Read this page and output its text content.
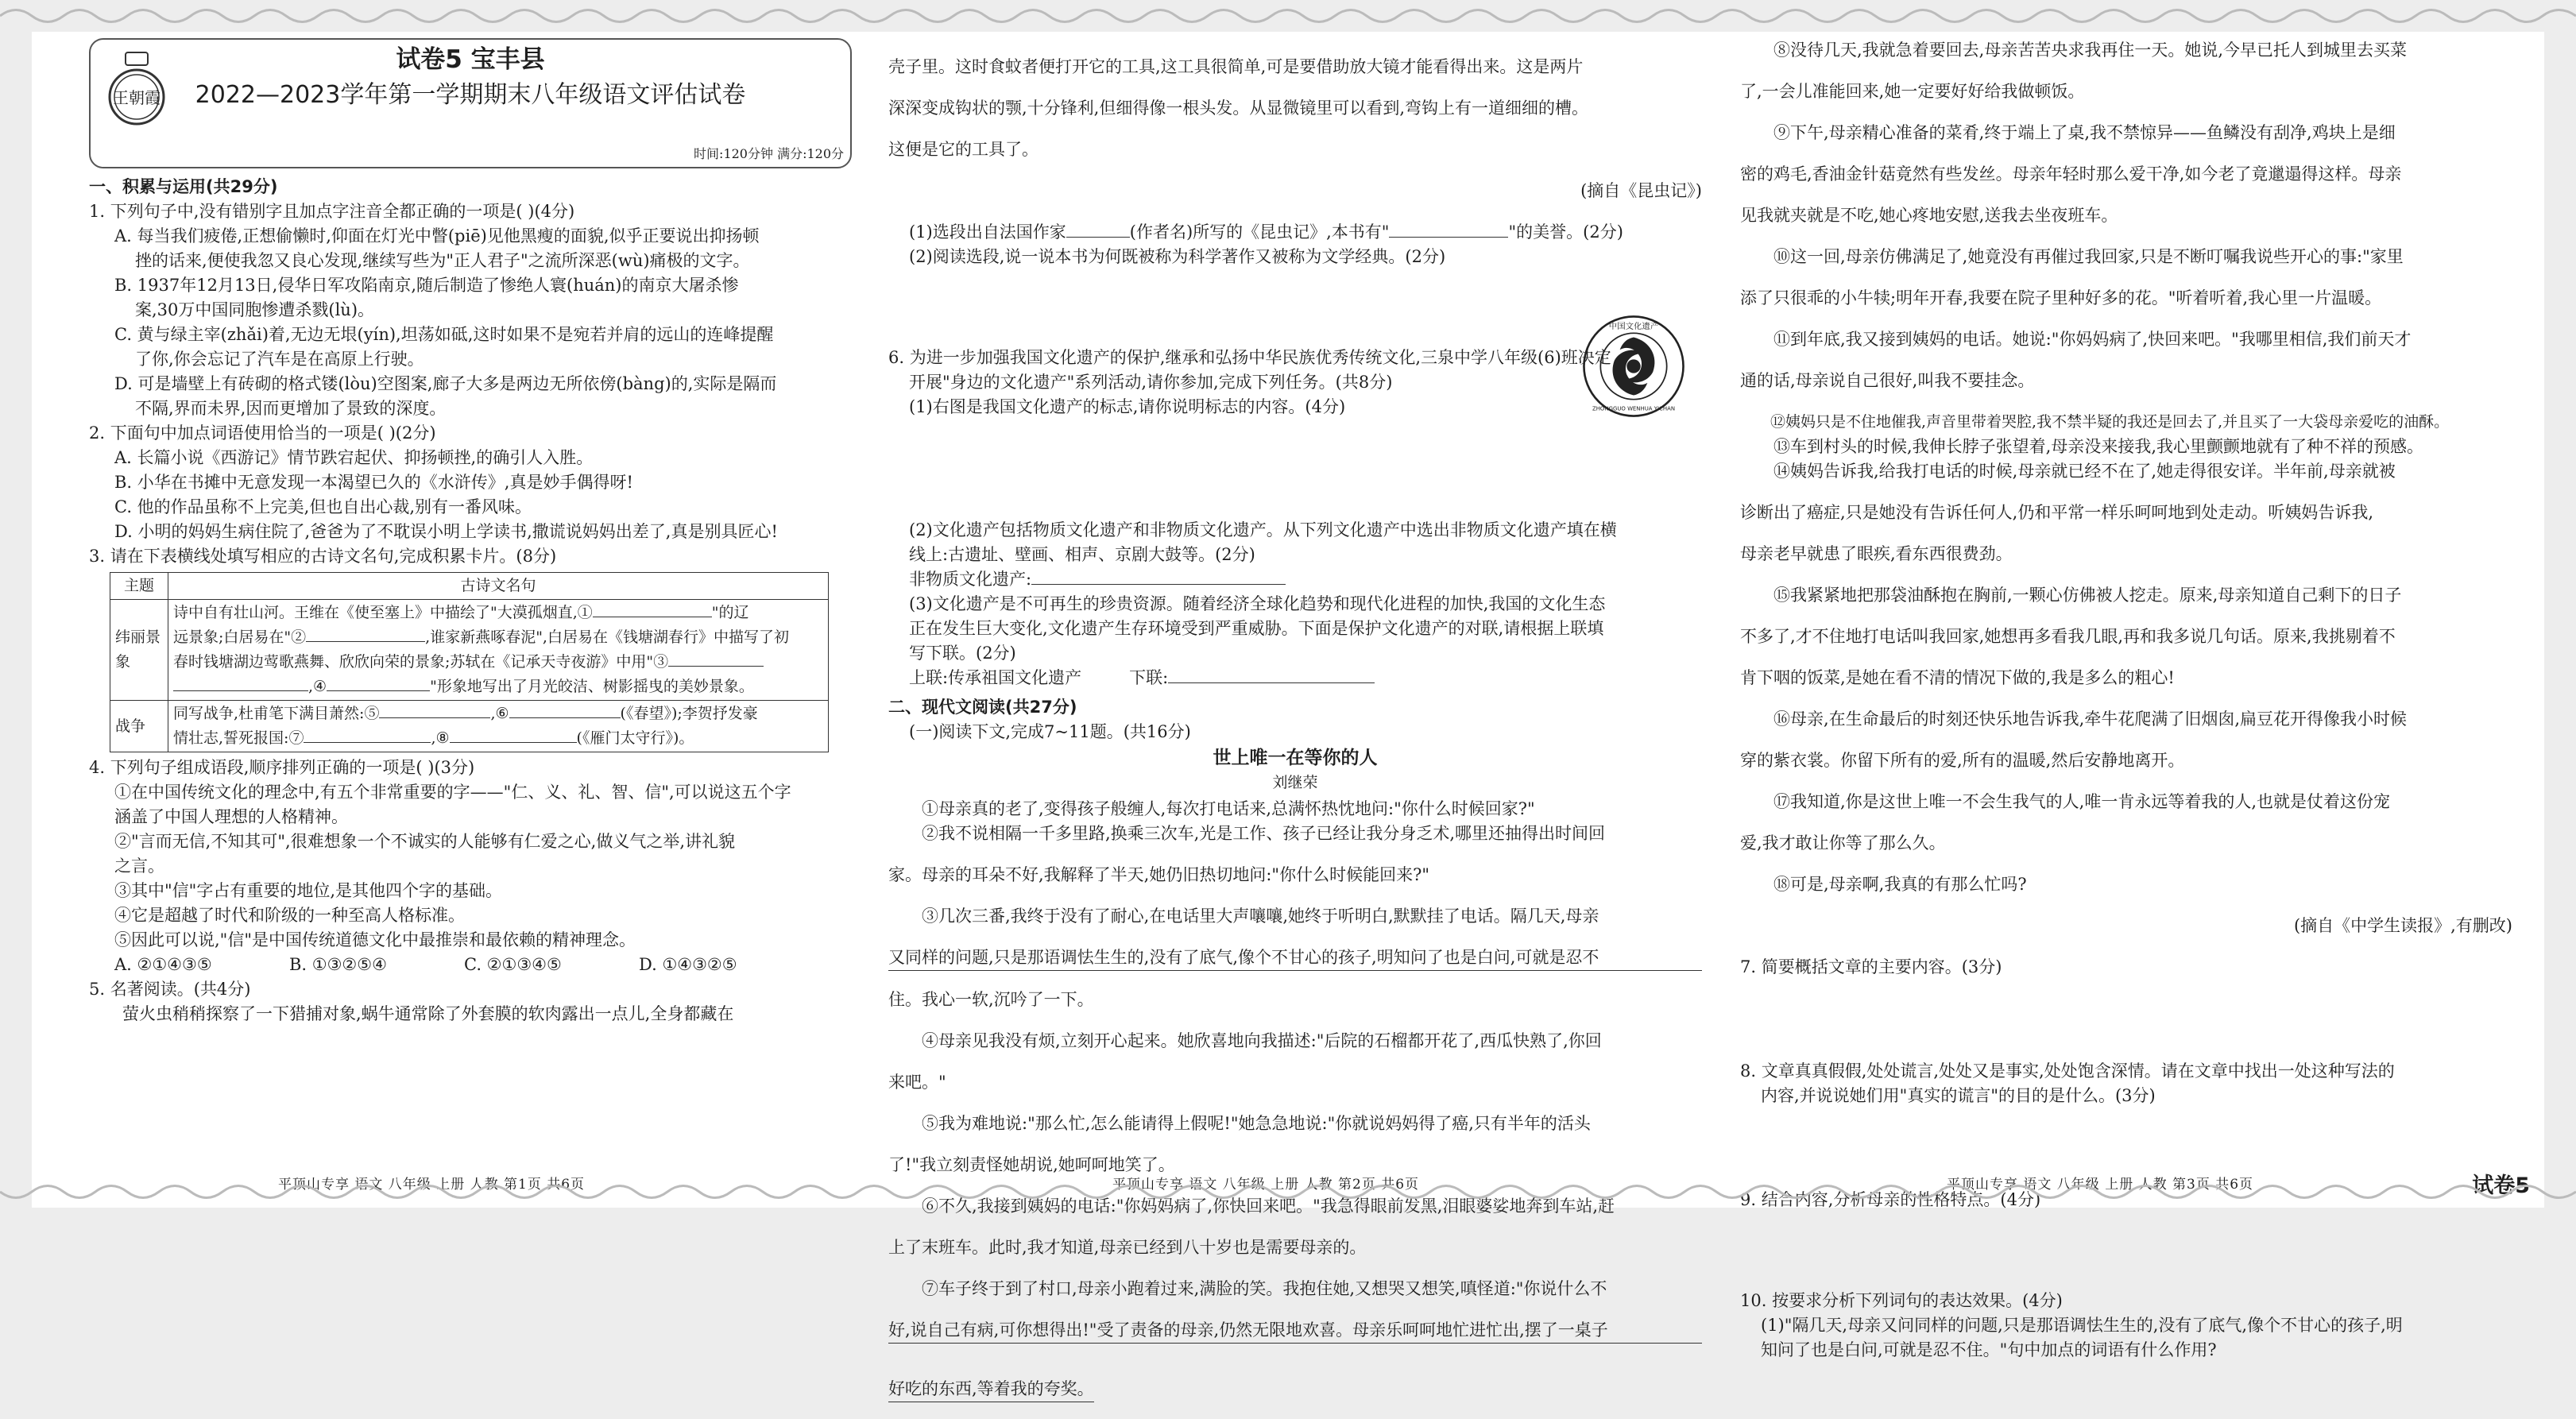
王朝霞
试卷5 宝丰县
2022—2023学年第一学期期末八年级语文评估试卷
时间:120分钟 满分:120分
一、积累与运用(共29分)

1. 下列句子中,没有错别字且加点字注音全都正确的一项是( )(4分)

A. 每当我们疲倦,正想偷懒时,仰面在灯光中瞥(piē)见他黑瘦的面貌,似乎正要说出抑扬顿

挫的话来,便使我忽又良心发现,继续写些为"正人君子"之流所深恶(wù)痛极的文字。

B. 1937年12月13日,侵华日军攻陷南京,随后制造了惨绝人寰(huán)的南京大屠杀惨

案,30万中国同胞惨遭杀戮(lù)。

C. 黄与绿主宰(zhǎi)着,无边无垠(yín),坦荡如砥,这时如果不是宛若并肩的远山的连峰提醒

了你,你会忘记了汽车是在高原上行驶。

D. 可是墙壁上有砖砌的格式镂(lòu)空图案,廊子大多是两边无所依傍(bàng)的,实际是隔而

不隔,界而未界,因而更增加了景致的深度。

2. 下面句中加点词语使用恰当的一项是( )(2分)

A. 长篇小说《西游记》情节跌宕起伏、抑扬顿挫,的确引人入胜。

B. 小华在书摊中无意发现一本渴望已久的《水浒传》,真是妙手偶得呀!

C. 他的作品虽称不上完美,但也自出心裁,别有一番风味。

D. 小明的妈妈生病住院了,爸爸为了不耽误小明上学读书,撒谎说妈妈出差了,真是别具匠心!

3. 请在下表横线处填写相应的古诗文名句,完成积累卡片。(8分)

主题	古诗文名句
纬丽景象	诗中自有壮山河。王维在《使至塞上》中描绘了"大漠孤烟直,① "的辽
远景象;白居易在"② ,谁家新燕啄春泥",白居易在《钱塘湖春行》中描写了初
春时钱塘湖边莺歌燕舞、欣欣向荣的景象;苏轼在《记承天寺夜游》中用"③
,④ "形象地写出了月光皎洁、树影摇曳的美妙景象。

战争	同写战争,杜甫笔下满目萧然:⑤ ,⑥ (《春望》);李贺抒发豪
情壮志,誓死报国:⑦ ,⑧ (《雁门太守行》)。

4. 下列句子组成语段,顺序排列正确的一项是( )(3分)

①在中国传统文化的理念中,有五个非常重要的字——"仁、义、礼、智、信",可以说这五个字

涵盖了中国人理想的人格精神。

②"言而无信,不知其可",很难想象一个不诚实的人能够有仁爱之心,做义气之举,讲礼貌

之言。

③其中"信"字占有重要的地位,是其他四个字的基础。

④它是超越了时代和阶级的一种至高人格标准。

⑤因此可以说,"信"是中国传统道德文化中最推崇和最依赖的精神理念。

A. ②①④③⑤	B. ①③②⑤④	C. ②①③④⑤	D. ①④③②⑤

5. 名著阅读。(共4分)

萤火虫稍稍探察了一下猎捕对象,蜗牛通常除了外套膜的软肉露出一点儿,全身都藏在

平顶山专享 语文 八年级 上册 人教 第1页 共6页

壳子里。这时食蚊者便打开它的工具,这工具很简单,可是要借助放大镜才能看得出来。这是两片

深深变成钩状的颚,十分锋利,但细得像一根头发。从显微镜里可以看到,弯钩上有一道细细的槽。

这便是它的工具了。

(摘自《昆虫记》)

(1)选段出自法国作家	(作者名)所写的《昆虫记》,本书有"	"的美誉。(2分)

(2)阅读选段,说一说本书为何既被称为科学著作又被称为文学经典。(2分)

6. 为进一步加强我国文化遗产的保护,继承和弘扬中华民族优秀传统文化,三泉中学八年级(6)班决定

开展"身边的文化遗产"系列活动,请你参加,完成下列任务。(共8分)

(1)右图是我国文化遗产的标志,请你说明标志的内容。(4分)

(2)文化遗产包括物质文化遗产和非物质文化遗产。从下列文化遗产中选出非物质文化遗产填在横

线上:古遗址、壁画、相声、京剧大鼓等。(2分)

非物质文化遗产:

(3)文化遗产是不可再生的珍贵资源。随着经济全球化趋势和现代化进程的加快,我国的文化生态

正在发生巨大变化,文化遗产生存环境受到严重威胁。下面是保护文化遗产的对联,请根据上联填

写下联。(2分)

上联:传承祖国文化遗产	下联:

二、现代文阅读(共27分)

(一)阅读下文,完成7~11题。(共16分)

世上唯一在等你的人

刘继荣

①母亲真的老了,变得孩子般缠人,每次打电话来,总满怀热忱地问:"你什么时候回家?"

②我不说相隔一千多里路,换乘三次车,光是工作、孩子已经让我分身乏术,哪里还抽得出时间回

家。母亲的耳朵不好,我解释了半天,她仍旧热切地问:"你什么时候能回来?"

③几次三番,我终于没有了耐心,在电话里大声嚷嚷,她终于听明白,默默挂了电话。隔几天,母亲

又同样的问题,只是那语调怯生生的,没有了底气,像个不甘心的孩子,明知问了也是白问,可就是忍不

住。我心一软,沉吟了一下。

④母亲见我没有烦,立刻开心起来。她欣喜地向我描述:"后院的石榴都开花了,西瓜快熟了,你回

来吧。"

⑤我为难地说:"那么忙,怎么能请得上假呢!"她急急地说:"你就说妈妈得了癌,只有半年的活头

了!"我立刻责怪她胡说,她呵呵地笑了。

⑥不久,我接到姨妈的电话:"你妈妈病了,你快回来吧。"我急得眼前发黑,泪眼婆娑地奔到车站,赶

上了末班车。此时,我才知道,母亲已经到八十岁也是需要母亲的。

⑦车子终于到了村口,母亲小跑着过来,满脸的笑。我抱住她,又想哭又想笑,嗔怪道:"你说什么不

好,说自己有病,可你想得出!"受了责备的母亲,仍然无限地欢喜。母亲乐呵呵地忙进忙出,摆了一桌子

好吃的东西,等着我的夸奖。

中国文化遗产
ZHONGGUO WENHUA YICHAN
平顶山专享 语文 八年级 上册 人教 第2页 共6页

⑧没待几天,我就急着要回去,母亲苦苦央求我再住一天。她说,今早已托人到城里去买菜

了,一会儿准能回来,她一定要好好给我做顿饭。

⑨下午,母亲精心准备的菜肴,终于端上了桌,我不禁惊异——鱼鳞没有刮净,鸡块上是细

密的鸡毛,香油金针菇竟然有些发丝。母亲年轻时那么爱干净,如今老了竟邋遢得这样。母亲

见我就夹就是不吃,她心疼地安慰,送我去坐夜班车。

⑩这一回,母亲仿佛满足了,她竟没有再催过我回家,只是不断叮嘱我说些开心的事:"家里

添了只很乖的小牛犊;明年开春,我要在院子里种好多的花。"听着听着,我心里一片温暖。

⑪到年底,我又接到姨妈的电话。她说:"你妈妈病了,快回来吧。"我哪里相信,我们前天才

通的话,母亲说自己很好,叫我不要挂念。

⑫姨妈只是不住地催我,声音里带着哭腔,我不禁半疑的我还是回去了,并且买了一大袋母亲爱吃的油酥。

⑬车到村头的时候,我伸长脖子张望着,母亲没来接我,我心里颤颤地就有了种不祥的预感。

⑭姨妈告诉我,给我打电话的时候,母亲就已经不在了,她走得很安详。半年前,母亲就被

诊断出了癌症,只是她没有告诉任何人,仍和平常一样乐呵呵地到处走动。听姨妈告诉我,

母亲老早就患了眼疾,看东西很费劲。

⑮我紧紧地把那袋油酥抱在胸前,一颗心仿佛被人挖走。原来,母亲知道自己剩下的日子

不多了,才不住地打电话叫我回家,她想再多看我几眼,再和我多说几句话。原来,我挑剔着不

肯下咽的饭菜,是她在看不清的情况下做的,我是多么的粗心!

⑯母亲,在生命最后的时刻还快乐地告诉我,牵牛花爬满了旧烟囱,扁豆花开得像我小时候

穿的紫衣裳。你留下所有的爱,所有的温暖,然后安静地离开。

⑰我知道,你是这世上唯一不会生我气的人,唯一肯永远等着我的人,也就是仗着这份宠

爱,我才敢让你等了那么久。

⑱可是,母亲啊,我真的有那么忙吗?

(摘自《中学生读报》,有删改)

7. 简要概括文章的主要内容。(3分)

8. 文章真真假假,处处谎言,处处又是事实,处处饱含深情。请在文章中找出一处这种写法的

内容,并说说她们用"真实的谎言"的目的是什么。(3分)

9. 结合内容,分析母亲的性格特点。(4分)

10. 按要求分析下列词句的表达效果。(4分)

(1)"隔几天,母亲又问同样的问题,只是那语调怯生生的,没有了底气,像个不甘心的孩子,明

知问了也是白问,可就是忍不住。"句中加点的词语有什么作用?

平顶山专享 语文 八年级 上册 人教 第3页 共6页	试卷5
